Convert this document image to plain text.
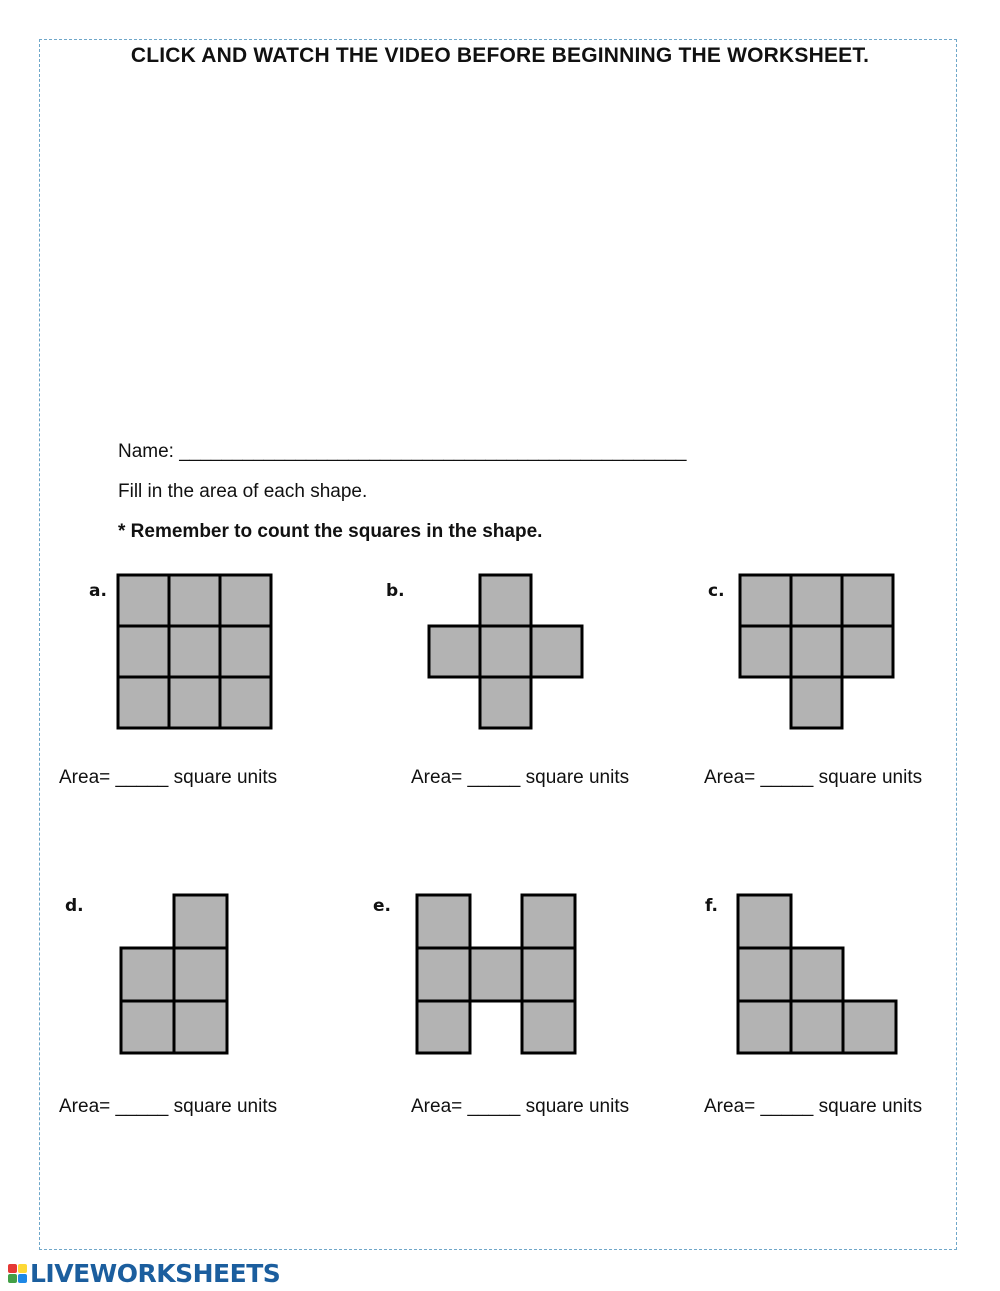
CLICK AND WATCH THE VIDEO BEFORE BEGINNING THE WORKSHEET.
Name: ________________________________________________
Fill in the area of each shape.
* Remember to count the squares in the shape.
a.
Area= _____ square units
b.
Area= _____ square units
c.
Area= _____ square units
d.
Area= _____ square units
e.
Area= _____ square units
f.
Area= _____ square units
LIVEWORKSHEETS
